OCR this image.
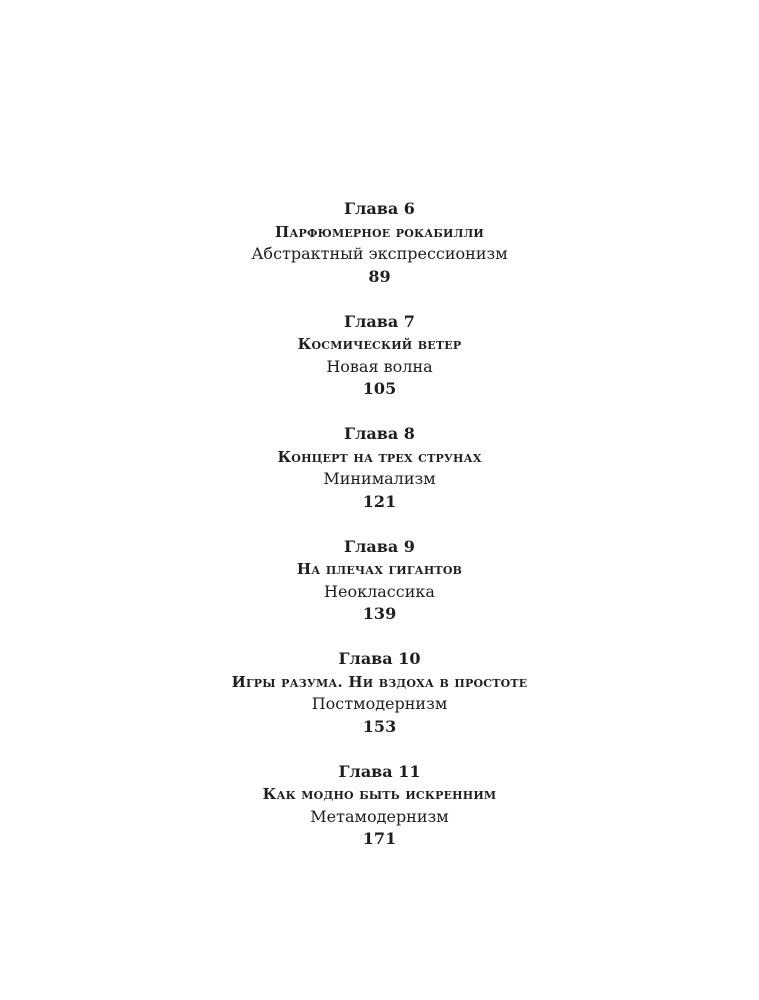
Глава 6
Парфюмерное рокабилли
Абстрактный экспрессионизм
89
Глава 7
Космический ветер
Новая волна
105
Глава 8
Концерт на трех струнах
Минимализм
121
Глава 9
На плечах гигантов
Неоклассика
139
Глава 10
Игры разума. Ни вздоха в простоте
Постмодернизм
153
Глава 11
Как модно быть искренним
Метамодернизм
171
